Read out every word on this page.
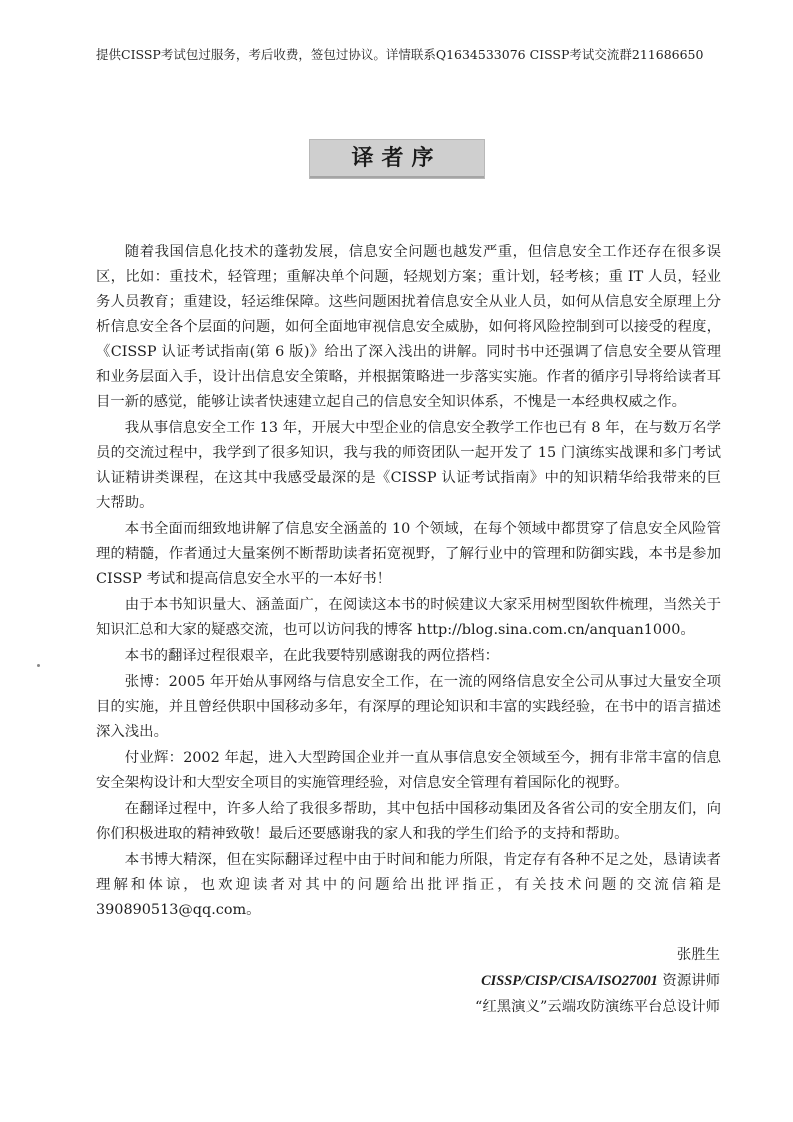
提供CISSP考试包过服务，考后收费，签包过协议。详情联系Q1634533076 CISSP考试交流群211686650
译者序

随着我国信息化技术的蓬勃发展，信息安全问题也越发严重，但信息安全工作还存在很多误区，比如：重技术，轻管理；重解决单个问题，轻规划方案；重计划，轻考核；重 IT 人员，轻业务人员教育；重建设，轻运维保障。这些问题困扰着信息安全从业人员，如何从信息安全原理上分析信息安全各个层面的问题，如何全面地审视信息安全威胁，如何将风险控制到可以接受的程度，《CISSP 认证考试指南(第 6 版)》给出了深入浅出的讲解。同时书中还强调了信息安全要从管理和业务层面入手，设计出信息安全策略，并根据策略进一步落实实施。作者的循序引导将给读者耳目一新的感觉，能够让读者快速建立起自己的信息安全知识体系，不愧是一本经典权威之作。

我从事信息安全工作 13 年，开展大中型企业的信息安全教学工作也已有 8 年，在与数万名学员的交流过程中，我学到了很多知识，我与我的师资团队一起开发了 15 门演练实战课和多门考试认证精讲类课程，在这其中我感受最深的是《CISSP 认证考试指南》中的知识精华给我带来的巨大帮助。

本书全面而细致地讲解了信息安全涵盖的 10 个领域，在每个领域中都贯穿了信息安全风险管理的精髓，作者通过大量案例不断帮助读者拓宽视野，了解行业中的管理和防御实践，本书是参加 CISSP 考试和提高信息安全水平的一本好书！

由于本书知识量大、涵盖面广，在阅读这本书的时候建议大家采用树型图软件梳理，当然关于知识汇总和大家的疑惑交流，也可以访问我的博客 http://blog.sina.com.cn/anquan1000。

本书的翻译过程很艰辛，在此我要特别感谢我的两位搭档：

张博：2005 年开始从事网络与信息安全工作，在一流的网络信息安全公司从事过大量安全项目的实施，并且曾经供职中国移动多年，有深厚的理论知识和丰富的实践经验，在书中的语言描述深入浅出。

付业辉：2002 年起，进入大型跨国企业并一直从事信息安全领域至今，拥有非常丰富的信息安全架构设计和大型安全项目的实施管理经验，对信息安全管理有着国际化的视野。

在翻译过程中，许多人给了我很多帮助，其中包括中国移动集团及各省公司的安全朋友们，向你们积极进取的精神致敬！最后还要感谢我的家人和我的学生们给予的支持和帮助。

本书博大精深，但在实际翻译过程中由于时间和能力所限，肯定存有各种不足之处，恳请读者理解和体谅，也欢迎读者对其中的问题给出批评指正，有关技术问题的交流信箱是 390890513@qq.com。

张胜生
CISSP/CISP/CISA/ISO27001 资源讲师
“红黑演义”云端攻防演练平台总设计师
